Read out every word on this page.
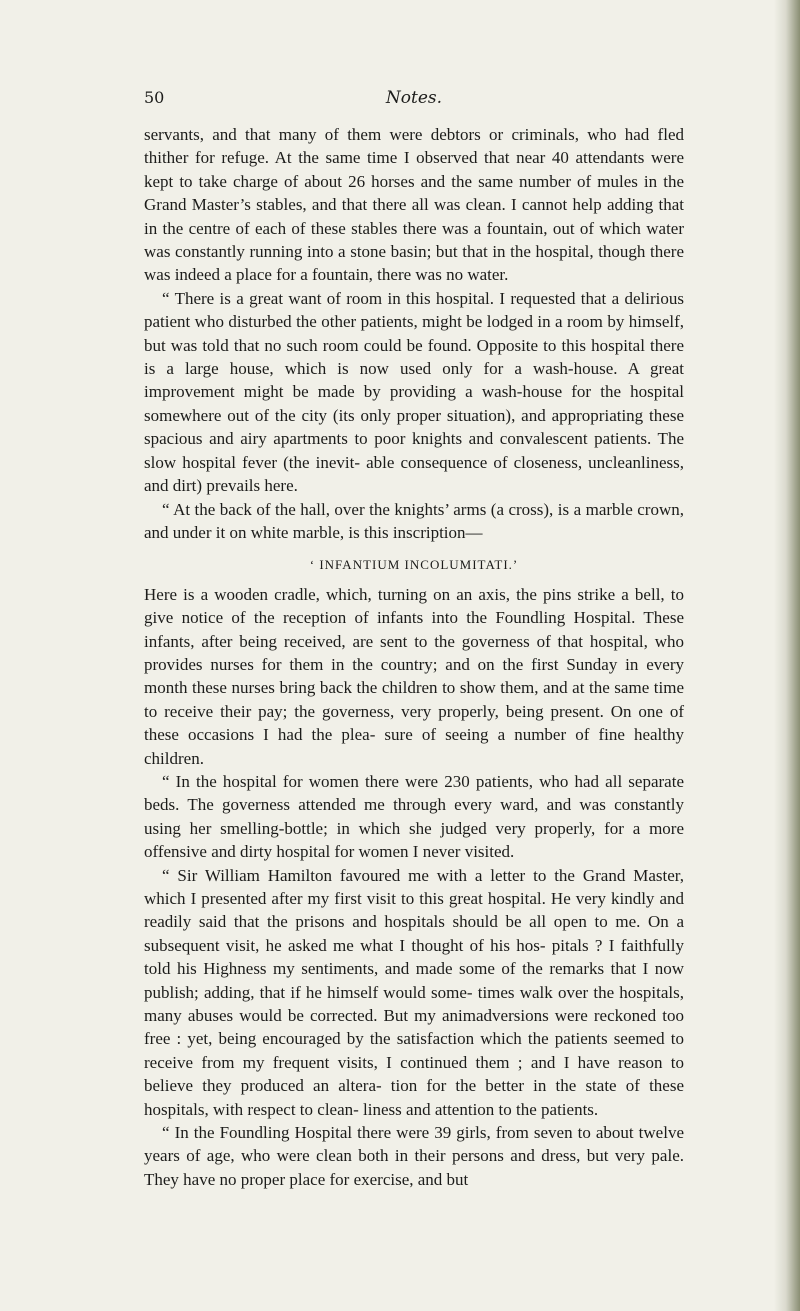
50	Notes.

servants, and that many of them were debtors or criminals, who had fled thither for refuge. At the same time I observed that near 40 attendants were kept to take charge of about 26 horses and the same number of mules in the Grand Master’s stables, and that there all was clean. I cannot help adding that in the centre of each of these stables there was a fountain, out of which water was constantly running into a stone basin; but that in the hospital, though there was indeed a place for a fountain, there was no water.

“ There is a great want of room in this hospital. I requested that a delirious patient who disturbed the other patients, might be lodged in a room by himself, but was told that no such room could be found. Opposite to this hospital there is a large house, which is now used only for a wash-house. A great improvement might be made by providing a wash-house for the hospital somewhere out of the city (its only proper situation), and appropriating these spacious and airy apartments to poor knights and convalescent patients. The slow hospital fever (the inevit- able consequence of closeness, uncleanliness, and dirt) prevails here.

“ At the back of the hall, over the knights’ arms (a cross), is a marble crown, and under it on white marble, is this inscription—

‘ INFANTIUM INCOLUMITATI.’

Here is a wooden cradle, which, turning on an axis, the pins strike a bell, to give notice of the reception of infants into the Foundling Hospital. These infants, after being received, are sent to the governess of that hospital, who provides nurses for them in the country; and on the first Sunday in every month these nurses bring back the children to show them, and at the same time to receive their pay; the governess, very properly, being present. On one of these occasions I had the plea- sure of seeing a number of fine healthy children.

“ In the hospital for women there were 230 patients, who had all separate beds. The governess attended me through every ward, and was constantly using her smelling-bottle; in which she judged very properly, for a more offensive and dirty hospital for women I never visited.

“ Sir William Hamilton favoured me with a letter to the Grand Master, which I presented after my first visit to this great hospital. He very kindly and readily said that the prisons and hospitals should be all open to me. On a subsequent visit, he asked me what I thought of his hos- pitals ? I faithfully told his Highness my sentiments, and made some of the remarks that I now publish; adding, that if he himself would some- times walk over the hospitals, many abuses would be corrected. But my animadversions were reckoned too free : yet, being encouraged by the satisfaction which the patients seemed to receive from my frequent visits, I continued them ; and I have reason to believe they produced an altera- tion for the better in the state of these hospitals, with respect to clean- liness and attention to the patients.

“ In the Foundling Hospital there were 39 girls, from seven to about twelve years of age, who were clean both in their persons and dress, but very pale. They have no proper place for exercise, and but
